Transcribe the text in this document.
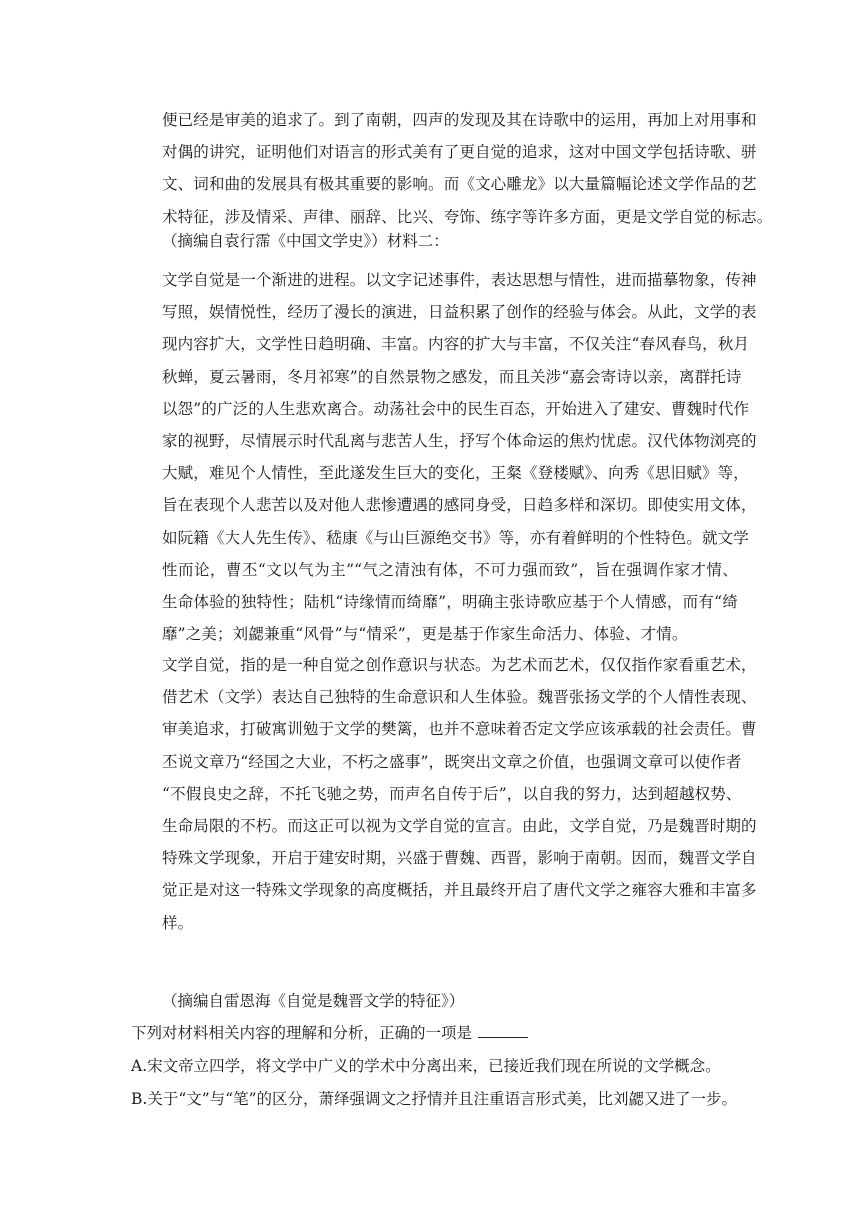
便已经是审美的追求了。到了南朝，四声的发现及其在诗歌中的运用，再加上对用事和
对偶的讲究，证明他们对语言的形式美有了更自觉的追求，这对中国文学包括诗歌、骈
文、词和曲的发展具有极其重要的影响。而《文心雕龙》以大量篇幅论述文学作品的艺
术特征，涉及情采、声律、丽辞、比兴、夸饰、练字等许多方面，更是文学自觉的标志。
（摘编自袁行霈《中国文学史》）材料二：
文学自觉是一个渐进的进程。以文字记述事件，表达思想与情性，进而描摹物象，传神
写照，娱情悦性，经历了漫长的演进，日益积累了创作的经验与体会。从此，文学的表
现内容扩大，文学性日趋明确、丰富。内容的扩大与丰富，不仅关注“春风春鸟，秋月
秋蝉，夏云暑雨，冬月祁寒”的自然景物之感发，而且关涉“嘉会寄诗以亲，离群托诗
以怨”的广泛的人生悲欢离合。动荡社会中的民生百态，开始进入了建安、曹魏时代作
家的视野，尽情展示时代乱离与悲苦人生，抒写个体命运的焦灼忧虑。汉代体物浏亮的
大赋，难见个人情性，至此遂发生巨大的变化，王粲《登楼赋》、向秀《思旧赋》等，
旨在表现个人悲苦以及对他人悲惨遭遇的感同身受，日趋多样和深切。即使实用文体，
如阮籍《大人先生传》、嵇康《与山巨源绝交书》等，亦有着鲜明的个性特色。就文学
性而论，曹丕“文以气为主”“气之清浊有体，不可力强而致”，旨在强调作家才情、
生命体验的独特性；陆机“诗缘情而绮靡”，明确主张诗歌应基于个人情感，而有“绮
靡”之美；刘勰兼重“风骨”与“情采”，更是基于作家生命活力、体验、才情。
文学自觉，指的是一种自觉之创作意识与状态。为艺术而艺术，仅仅指作家看重艺术，
借艺术（文学）表达自己独特的生命意识和人生体验。魏晋张扬文学的个人情性表现、
审美追求，打破寓训勉于文学的樊篱，也并不意味着否定文学应该承载的社会责任。曹
丕说文章乃“经国之大业，不朽之盛事”，既突出文章之价值，也强调文章可以使作者
“不假良史之辞，不托飞驰之势，而声名自传于后”，以自我的努力，达到超越权势、
生命局限的不朽。而这正可以视为文学自觉的宣言。由此，文学自觉，乃是魏晋时期的
特殊文学现象，开启于建安时期，兴盛于曹魏、西晋，影响于南朝。因而，魏晋文学自
觉正是对这一特殊文学现象的高度概括，并且最终开启了唐代文学之雍容大雅和丰富多
样。
（摘编自雷恩海《自觉是魏晋文学的特征》）
下列对材料相关内容的理解和分析，正确的一项是
A.宋文帝立四学，将文学中广义的学术中分离出来，已接近我们现在所说的文学概念。
B.关于“文”与“笔”的区分，萧绎强调文之抒情并且注重语言形式美，比刘勰又进了一步。
